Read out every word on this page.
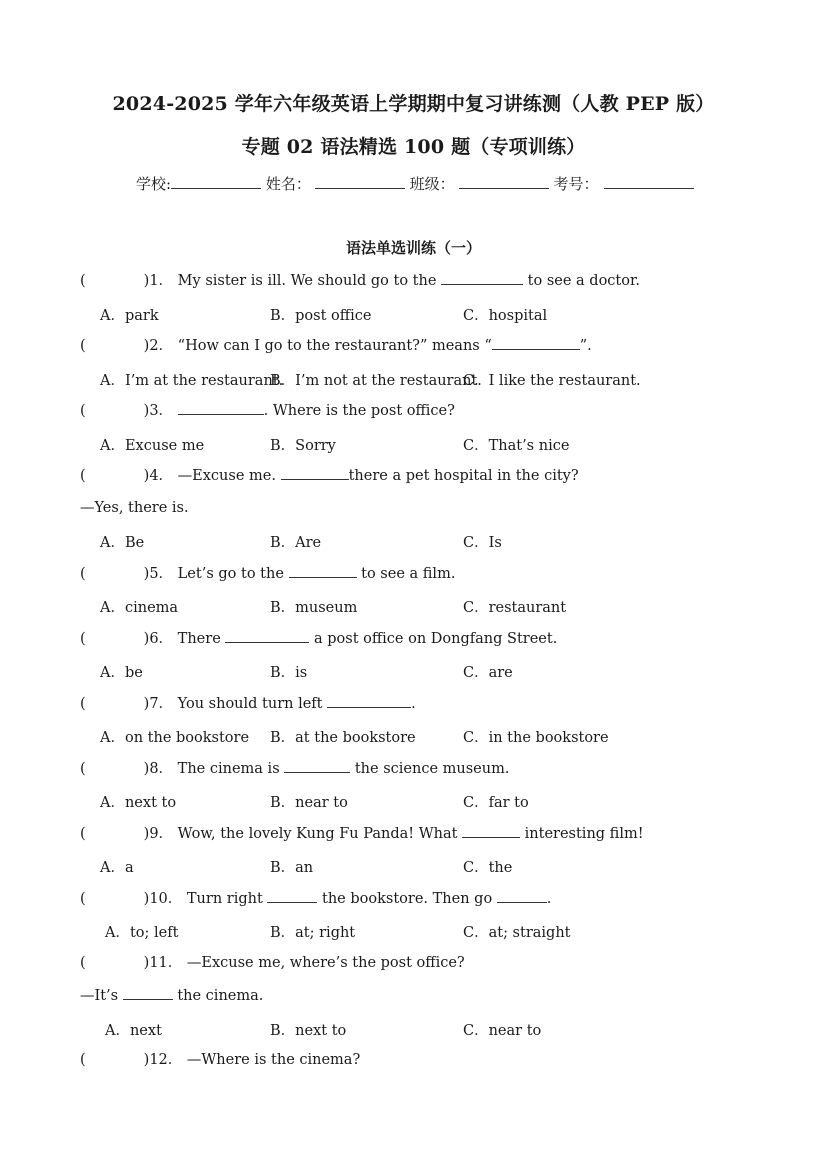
2024-2025 学年六年级英语上学期期中复习讲练测（人教 PEP 版）
专题 02 语法精选 100 题（专项训练）
学校:	姓名：	班级：	考号：
语法单选训练（一）
(	)1． My sister is ill. We should go to the	to see a doctor.
A．park	B．post office	C．hospital
(	)2． “How can I go to the restaurant?” means “	”.
A．I’m at the restaurant.
B．I’m not at the restaurant.
C．I like the restaurant.
(	)3．	. Where is the post office?
A．Excuse me	B．Sorry	C．That’s nice
(	)4． —Excuse me.	there a pet hospital in the city?
—Yes, there is.
A．Be	B．Are	C．Is
(	)5． Let’s go to the	to see a film.
A．cinema	B．museum	C．restaurant
(	)6． There	a post office on Dongfang Street.
A．be	B．is	C．are
(	)7． You should turn left	.
A．on the bookstore B．at the bookstore	C．in the bookstore
(	)8． The cinema is	the science museum.
A．next to	B．near to	C．far to
(	)9． Wow, the lovely Kung Fu Panda! What	interesting film!
A．a	B．an	C．the
(	)10． Turn right	the bookstore. Then go	.
A．to; left	B．at; right	C．at; straight
(	)11． —Excuse me, where’s the post office?
—It’s	the cinema.
A．next	B．next to	C．near to
(	)12． —Where is the cinema?
